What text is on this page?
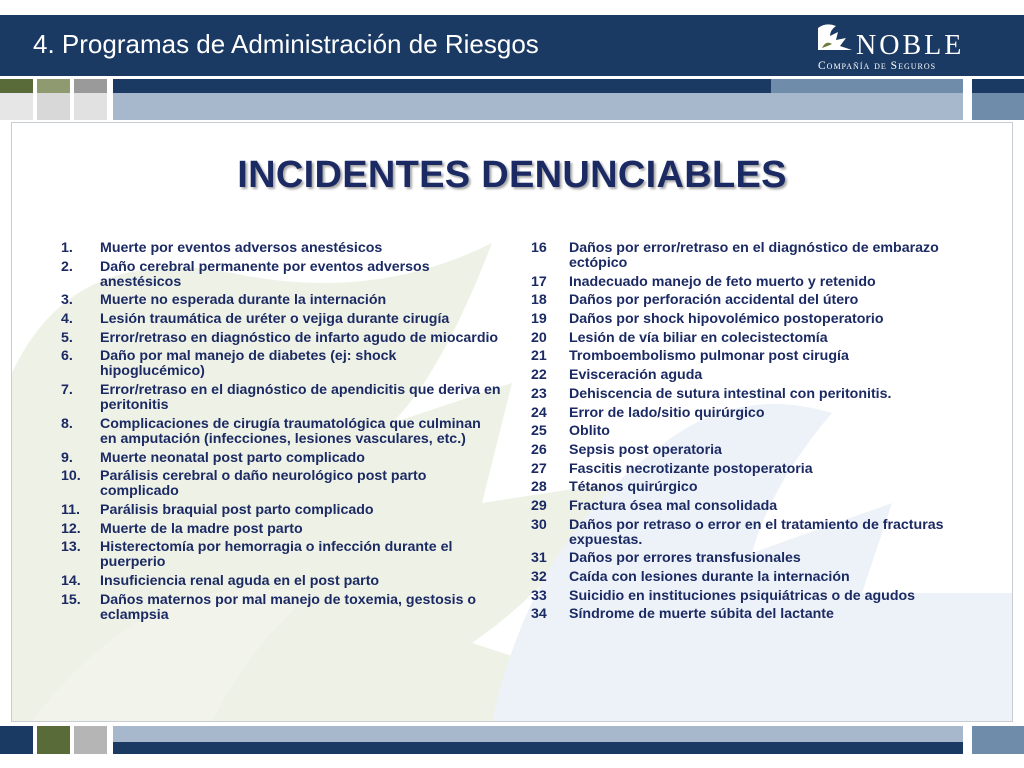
4. Programas de Administración de Riesgos	NOBLE
Compañía de Seguros
INCIDENTES DENUNCIABLES
1. Muerte por eventos adversos anestésicos
2. Daño cerebral permanente por eventos adversos anestésicos
3. Muerte no esperada durante la internación
4. Lesión traumática de uréter o vejiga durante cirugía
5. Error/retraso en diagnóstico de infarto agudo de miocardio
6. Daño por mal manejo de diabetes (ej: shock hipoglucémico)
7. Error/retraso en el diagnóstico de apendicitis que deriva en peritonitis
8. Complicaciones de cirugía traumatológica que culminan en amputación (infecciones, lesiones vasculares, etc.)
9. Muerte neonatal post parto complicado
10. Parálisis cerebral o daño neurológico post parto complicado
11. Parálisis braquial post parto complicado
12. Muerte de la madre post parto
13. Histerectomía por hemorragia o infección durante el puerperio
14. Insuficiencia renal aguda en el post parto
15. Daños maternos por mal manejo de toxemia, gestosis o eclampsia
16 Daños por error/retraso en el diagnóstico de embarazo ectópico
17 Inadecuado manejo de feto muerto y retenido
18 Daños por perforación accidental del útero
19 Daños por shock hipovolémico postoperatorio
20 Lesión de vía biliar en colecistectomía
21 Tromboembolismo pulmonar post cirugía
22 Evisceración aguda
23 Dehiscencia de sutura intestinal con peritonitis.
24 Error de lado/sitio quirúrgico
25 Oblito
26 Sepsis post operatoria
27 Fascitis necrotizante postoperatoria
28 Tétanos quirúrgico
29 Fractura ósea mal consolidada
30 Daños por retraso o error en el tratamiento de fracturas expuestas.
31 Daños por errores transfusionales
32 Caída con lesiones durante la internación
33 Suicidio en instituciones psiquiátricas o de agudos
34 Síndrome de muerte súbita del lactante
